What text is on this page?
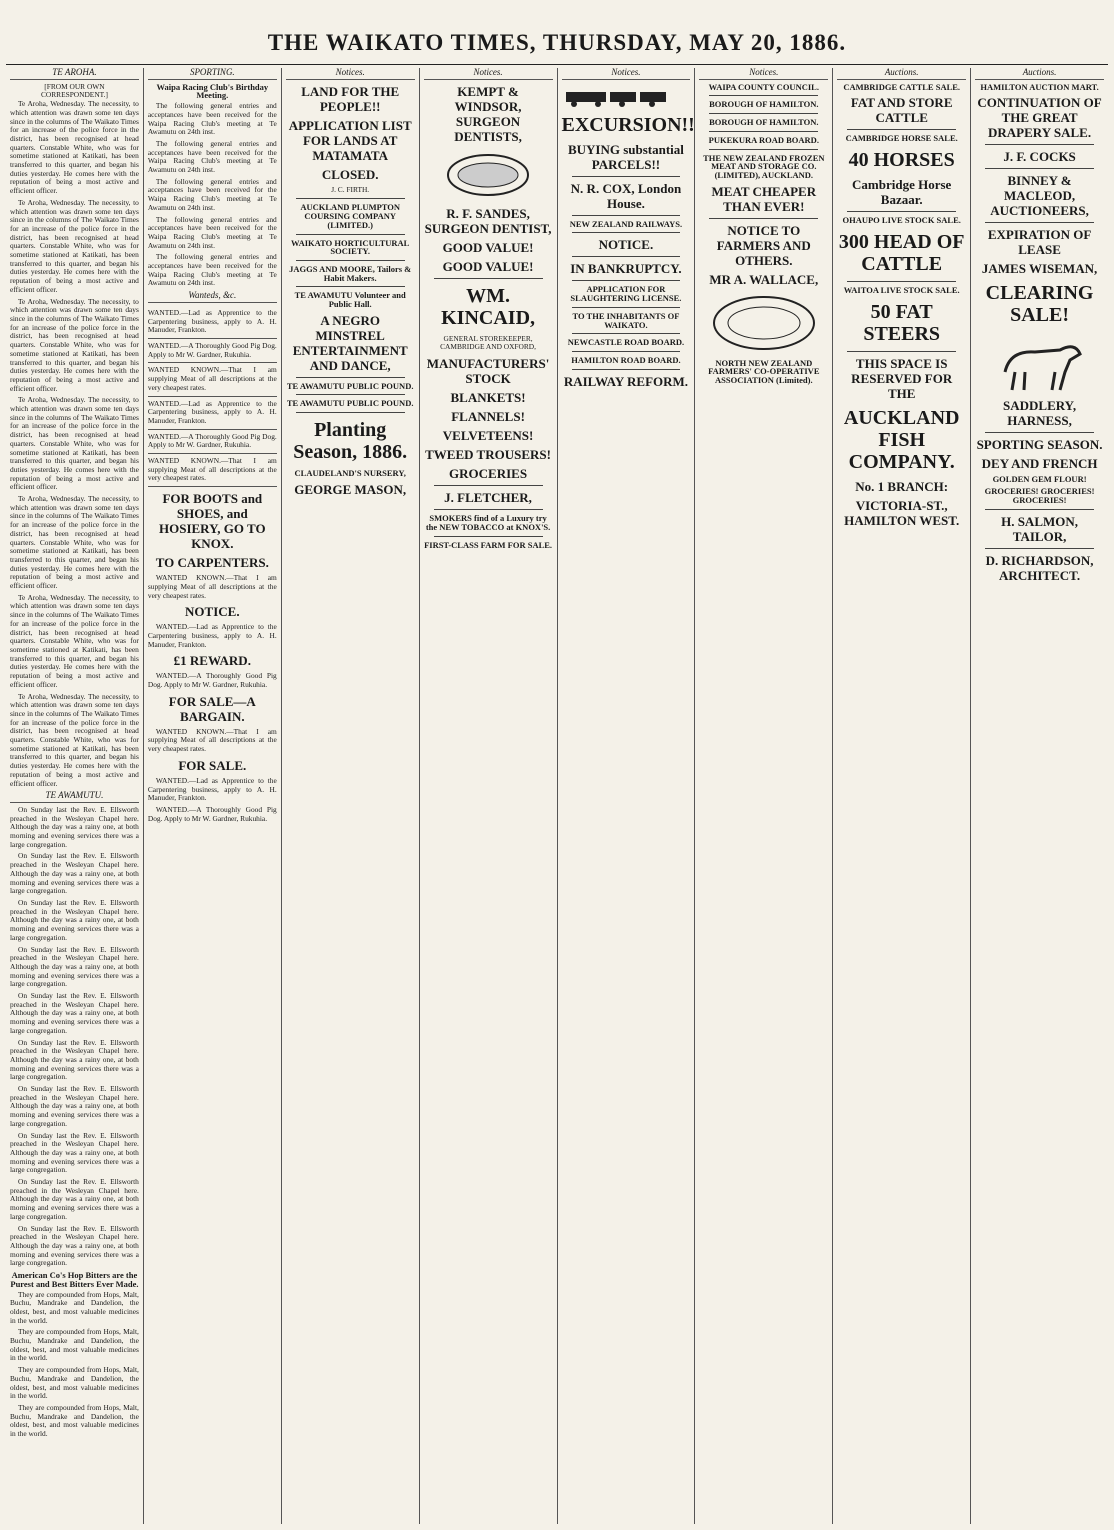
THE WAIKATO TIMES, THURSDAY, MAY 20, 1886.
TE AROHA.
[FROM OUR OWN CORRESPONDENT.]

Te Aroha, Wednesday. The necessity, to which attention was drawn some ten days since in the columns of The Waikato Times for an increase of the police force in the district, has been recognised at head quarters. Constable White, who was for sometime stationed at Katikati, has been transferred to this quarter, and began his duties yesterday. He comes here with the reputation of being a most active and efficient officer.

Te Aroha, Wednesday. The necessity, to which attention was drawn some ten days since in the columns of The Waikato Times for an increase of the police force in the district, has been recognised at head quarters. Constable White, who was for sometime stationed at Katikati, has been transferred to this quarter, and began his duties yesterday. He comes here with the reputation of being a most active and efficient officer.

Te Aroha, Wednesday. The necessity, to which attention was drawn some ten days since in the columns of The Waikato Times for an increase of the police force in the district, has been recognised at head quarters. Constable White, who was for sometime stationed at Katikati, has been transferred to this quarter, and began his duties yesterday. He comes here with the reputation of being a most active and efficient officer.

Te Aroha, Wednesday. The necessity, to which attention was drawn some ten days since in the columns of The Waikato Times for an increase of the police force in the district, has been recognised at head quarters. Constable White, who was for sometime stationed at Katikati, has been transferred to this quarter, and began his duties yesterday. He comes here with the reputation of being a most active and efficient officer.

Te Aroha, Wednesday. The necessity, to which attention was drawn some ten days since in the columns of The Waikato Times for an increase of the police force in the district, has been recognised at head quarters. Constable White, who was for sometime stationed at Katikati, has been transferred to this quarter, and began his duties yesterday. He comes here with the reputation of being a most active and efficient officer.

Te Aroha, Wednesday. The necessity, to which attention was drawn some ten days since in the columns of The Waikato Times for an increase of the police force in the district, has been recognised at head quarters. Constable White, who was for sometime stationed at Katikati, has been transferred to this quarter, and began his duties yesterday. He comes here with the reputation of being a most active and efficient officer.

Te Aroha, Wednesday. The necessity, to which attention was drawn some ten days since in the columns of The Waikato Times for an increase of the police force in the district, has been recognised at head quarters. Constable White, who was for sometime stationed at Katikati, has been transferred to this quarter, and began his duties yesterday. He comes here with the reputation of being a most active and efficient officer.

TE AWAMUTU.

On Sunday last the Rev. E. Ellsworth preached in the Wesleyan Chapel here. Although the day was a rainy one, at both morning and evening services there was a large congregation.

On Sunday last the Rev. E. Ellsworth preached in the Wesleyan Chapel here. Although the day was a rainy one, at both morning and evening services there was a large congregation.

On Sunday last the Rev. E. Ellsworth preached in the Wesleyan Chapel here. Although the day was a rainy one, at both morning and evening services there was a large congregation.

On Sunday last the Rev. E. Ellsworth preached in the Wesleyan Chapel here. Although the day was a rainy one, at both morning and evening services there was a large congregation.

On Sunday last the Rev. E. Ellsworth preached in the Wesleyan Chapel here. Although the day was a rainy one, at both morning and evening services there was a large congregation.

On Sunday last the Rev. E. Ellsworth preached in the Wesleyan Chapel here. Although the day was a rainy one, at both morning and evening services there was a large congregation.

On Sunday last the Rev. E. Ellsworth preached in the Wesleyan Chapel here. Although the day was a rainy one, at both morning and evening services there was a large congregation.

On Sunday last the Rev. E. Ellsworth preached in the Wesleyan Chapel here. Although the day was a rainy one, at both morning and evening services there was a large congregation.

On Sunday last the Rev. E. Ellsworth preached in the Wesleyan Chapel here. Although the day was a rainy one, at both morning and evening services there was a large congregation.

On Sunday last the Rev. E. Ellsworth preached in the Wesleyan Chapel here. Although the day was a rainy one, at both morning and evening services there was a large congregation.

American Co's Hop Bitters are the Purest and Best Bitters Ever Made.

They are compounded from Hops, Malt, Buchu, Mandrake and Dandelion, the oldest, best, and most valuable medicines in the world.

They are compounded from Hops, Malt, Buchu, Mandrake and Dandelion, the oldest, best, and most valuable medicines in the world.

They are compounded from Hops, Malt, Buchu, Mandrake and Dandelion, the oldest, best, and most valuable medicines in the world.

They are compounded from Hops, Malt, Buchu, Mandrake and Dandelion, the oldest, best, and most valuable medicines in the world.

SPORTING.
Waipa Racing Club's Birthday Meeting.

The following general entries and acceptances have been received for the Waipa Racing Club's meeting at Te Awamutu on 24th inst.

The following general entries and acceptances have been received for the Waipa Racing Club's meeting at Te Awamutu on 24th inst.

The following general entries and acceptances have been received for the Waipa Racing Club's meeting at Te Awamutu on 24th inst.

The following general entries and acceptances have been received for the Waipa Racing Club's meeting at Te Awamutu on 24th inst.

The following general entries and acceptances have been received for the Waipa Racing Club's meeting at Te Awamutu on 24th inst.

Wanteds, &c.
WANTED.—Lad as Apprentice to the Carpentering business, apply to A. H. Manuder, Frankton.
WANTED.—A Thoroughly Good Pig Dog. Apply to Mr W. Gardner, Rukuhia.
WANTED KNOWN.—That I am supplying Meat of all descriptions at the very cheapest rates.
WANTED.—Lad as Apprentice to the Carpentering business, apply to A. H. Manuder, Frankton.
WANTED.—A Thoroughly Good Pig Dog. Apply to Mr W. Gardner, Rukuhia.
WANTED KNOWN.—That I am supplying Meat of all descriptions at the very cheapest rates.
FOR BOOTS and SHOES, and HOSIERY, GO TO KNOX.
TO CARPENTERS.

WANTED KNOWN.—That I am supplying Meat of all descriptions at the very cheapest rates.

NOTICE.

WANTED.—Lad as Apprentice to the Carpentering business, apply to A. H. Manuder, Frankton.

£1 REWARD.

WANTED.—A Thoroughly Good Pig Dog. Apply to Mr W. Gardner, Rukuhia.

FOR SALE—A BARGAIN.

WANTED KNOWN.—That I am supplying Meat of all descriptions at the very cheapest rates.

FOR SALE.

WANTED.—Lad as Apprentice to the Carpentering business, apply to A. H. Manuder, Frankton.

WANTED.—A Thoroughly Good Pig Dog. Apply to Mr W. Gardner, Rukuhia.

Notices.
LAND FOR THE PEOPLE!!
APPLICATION LIST FOR LANDS AT MATAMATA
CLOSED.
J. C. FIRTH.
AUCKLAND PLUMPTON COURSING COMPANY (LIMITED.)
WAIKATO HORTICULTURAL SOCIETY.
JAGGS AND MOORE, Tailors & Habit Makers.
TE AWAMUTU Volunteer and Public Hall.
A NEGRO MINSTREL ENTERTAINMENT AND DANCE,
TE AWAMUTU PUBLIC POUND.
TE AWAMUTU PUBLIC POUND.
Planting Season, 1886.
CLAUDELAND'S NURSERY,
GEORGE MASON,
Notices.
KEMPT & WINDSOR, SURGEON DENTISTS,
R. F. SANDES, SURGEON DENTIST,
GOOD VALUE!
GOOD VALUE!
WM. KINCAID,
GENERAL STOREKEEPER, CAMBRIDGE AND OXFORD,
MANUFACTURERS' STOCK
BLANKETS!
FLANNELS!
VELVETEENS!
TWEED TROUSERS!
GROCERIES
J. FLETCHER,
SMOKERS find of a Luxury try the NEW TOBACCO at KNOX'S.
FIRST-CLASS FARM FOR SALE.
Notices.
EXCURSION!!
BUYING substantial PARCELS!!
N. R. COX, London House.
NEW ZEALAND RAILWAYS.
NOTICE.
IN BANKRUPTCY.
APPLICATION FOR SLAUGHTERING LICENSE.
TO THE INHABITANTS OF WAIKATO.
NEWCASTLE ROAD BOARD.
HAMILTON ROAD BOARD.
RAILWAY REFORM.
Notices.
WAIPA COUNTY COUNCIL.
BOROUGH OF HAMILTON.
BOROUGH OF HAMILTON.
PUKEKURA ROAD BOARD.
THE NEW ZEALAND FROZEN MEAT AND STORAGE CO. (LIMITED), AUCKLAND.
MEAT CHEAPER THAN EVER!
NOTICE TO FARMERS AND OTHERS.
MR A. WALLACE,
NORTH NEW ZEALAND FARMERS' CO-OPERATIVE ASSOCIATION (Limited).
Auctions.
CAMBRIDGE CATTLE SALE.
FAT AND STORE CATTLE
CAMBRIDGE HORSE SALE.
40 HORSES
Cambridge Horse Bazaar.
OHAUPO LIVE STOCK SALE.
300 HEAD OF CATTLE
WAITOA LIVE STOCK SALE.
50 FAT STEERS
THIS SPACE IS RESERVED FOR THE
AUCKLAND FISH COMPANY.
No. 1 BRANCH:
VICTORIA-ST., HAMILTON WEST.
Auctions.
HAMILTON AUCTION MART.
CONTINUATION OF THE GREAT DRAPERY SALE.
J. F. COCKS
BINNEY & MACLEOD, AUCTIONEERS,
EXPIRATION OF LEASE
JAMES WISEMAN,
CLEARING SALE!
SADDLERY, HARNESS,
SPORTING SEASON.
DEY AND FRENCH
GOLDEN GEM FLOUR!
GROCERIES! GROCERIES! GROCERIES!
H. SALMON, TAILOR,
D. RICHARDSON, ARCHITECT.
